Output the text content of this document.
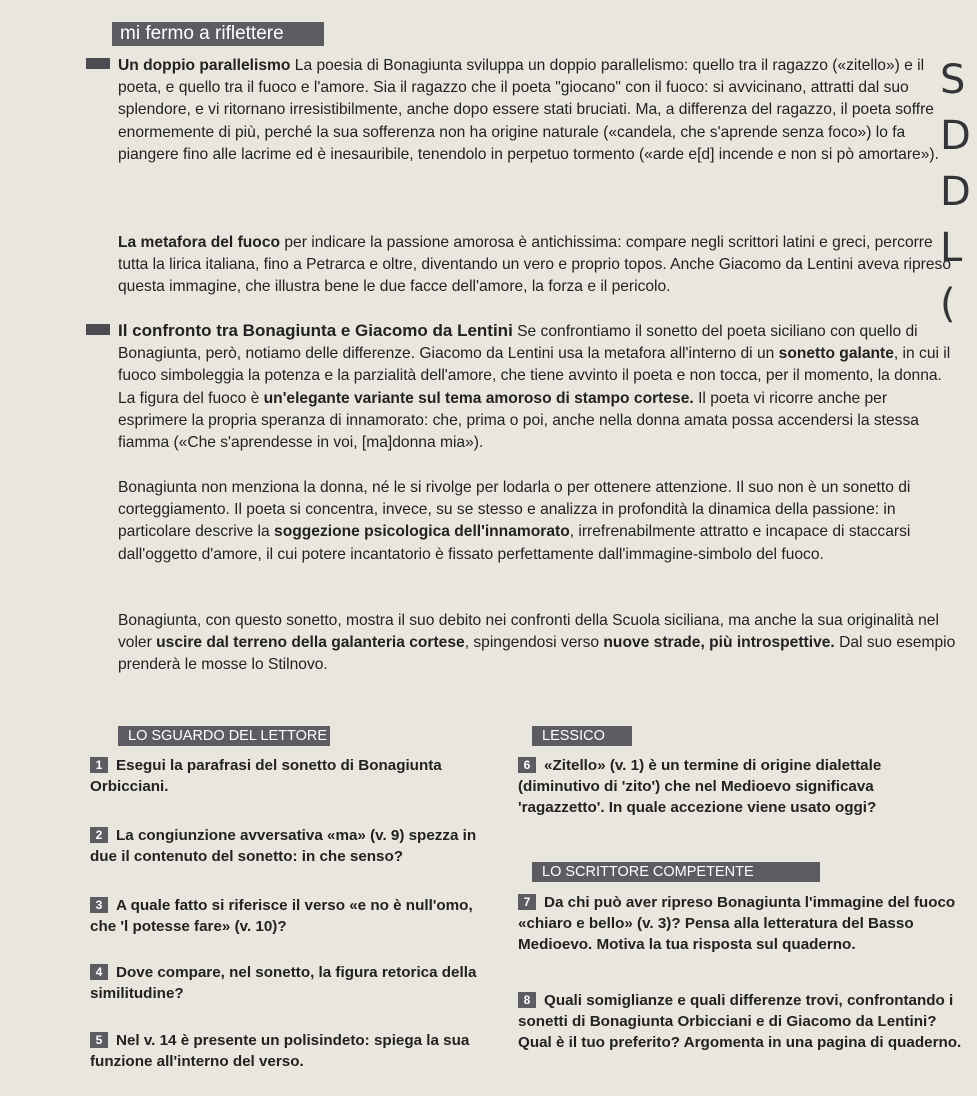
mi fermo a riflettere
S
D
D
L
(

Un doppio parallelismo La poesia di Bonagiunta sviluppa un doppio parallelismo: quello tra il ragazzo («zitello») e il poeta, e quello tra il fuoco e l'amore. Sia il ragazzo che il poeta "giocano" con il fuoco: si avvicinano, attratti dal suo splendore, e vi ritornano irresistibilmente, anche dopo essere stati bruciati. Ma, a differenza del ragazzo, il poeta soffre enormemente di più, perché la sua sofferenza non ha origine naturale («candela, che s'aprende senza foco») lo fa piangere fino alle lacrime ed è inesauribile, tenendolo in perpetuo tormento («arde e[d] incende e non si pò amortare»).

La metafora del fuoco per indicare la passione amorosa è antichissima: compare negli scrittori latini e greci, percorre tutta la lirica italiana, fino a Petrarca e oltre, diventando un vero e proprio topos. Anche Giacomo da Lentini aveva ripreso questa immagine, che illustra bene le due facce dell'amore, la forza e il pericolo.

Il confronto tra Bonagiunta e Giacomo da Lentini Se confrontiamo il sonetto del poeta siciliano con quello di Bonagiunta, però, notiamo delle differenze. Giacomo da Lentini usa la metafora all'interno di un sonetto galante, in cui il fuoco simboleggia la potenza e la parzialità dell'amore, che tiene avvinto il poeta e non tocca, per il momento, la donna. La figura del fuoco è un'elegante variante sul tema amoroso di stampo cortese. Il poeta vi ricorre anche per esprimere la propria speranza di innamorato: che, prima o poi, anche nella donna amata possa accendersi la stessa fiamma («Che s'aprendesse in voi, [ma]donna mia»).

Bonagiunta non menziona la donna, né le si rivolge per lodarla o per ottenere attenzione. Il suo non è un sonetto di corteggiamento. Il poeta si concentra, invece, su se stesso e analizza in profondità la dinamica della passione: in particolare descrive la soggezione psicologica dell'innamorato, irrefrenabilmente attratto e incapace di staccarsi dall'oggetto d'amore, il cui potere incantatorio è fissato perfettamente dall'immagine-simbolo del fuoco.

Bonagiunta, con questo sonetto, mostra il suo debito nei confronti della Scuola siciliana, ma anche la sua originalità nel voler uscire dal terreno della galanteria cortese, spingendosi verso nuove strade, più introspettive. Dal suo esempio prenderà le mosse lo Stilnovo.

LO SGUARDO DEL LETTORE
1 Esegui la parafrasi del sonetto di Bonagiunta Orbicciani.
2 La congiunzione avversativa «ma» (v. 9) spezza in due il contenuto del sonetto: in che senso?
3 A quale fatto si riferisce il verso «e no è null'omo, che 'l potesse fare» (v. 10)?
4 Dove compare, nel sonetto, la figura retorica della similitudine?
5 Nel v. 14 è presente un polisindeto: spiega la sua funzione all'interno del verso.
LESSICO
6 «Zitello» (v. 1) è un termine di origine dialettale (diminutivo di 'zito') che nel Medioevo significava 'ragazzetto'. In quale accezione viene usato oggi?
LO SCRITTORE COMPETENTE
7 Da chi può aver ripreso Bonagiunta l'immagine del fuoco «chiaro e bello» (v. 3)? Pensa alla letteratura del Basso Medioevo. Motiva la tua risposta sul quaderno.
8 Quali somiglianze e quali differenze trovi, confrontando i sonetti di Bonagiunta Orbicciani e di Giacomo da Lentini? Qual è il tuo preferito? Argomenta in una pagina di quaderno.
